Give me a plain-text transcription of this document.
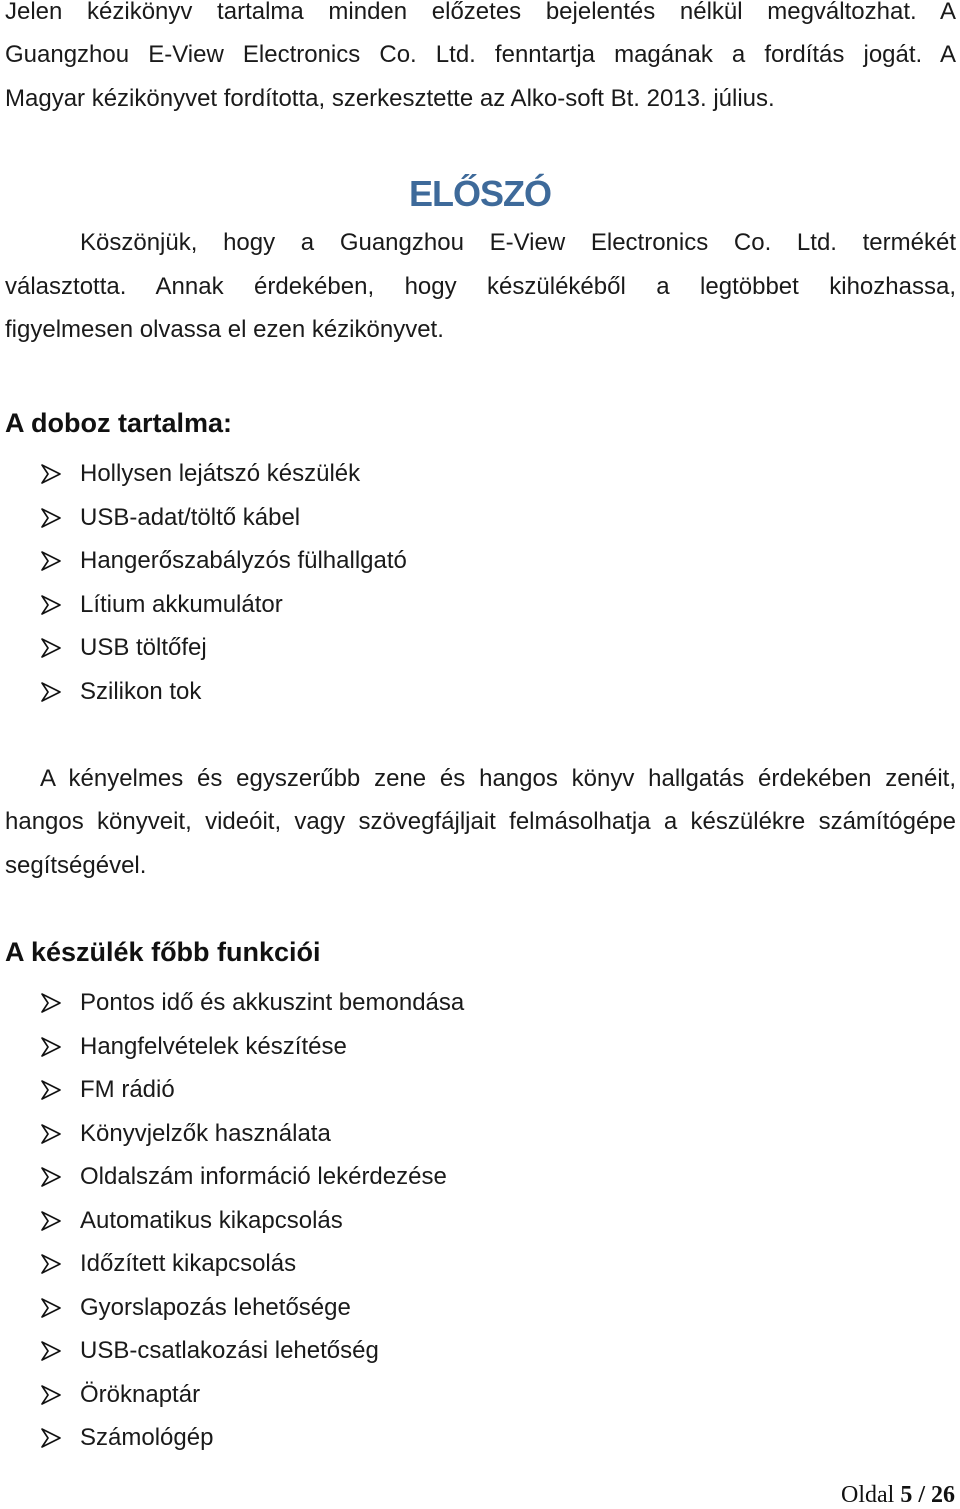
Jelen kézikönyv tartalma minden előzetes bejelentés nélkül megváltozhat. A
Guangzhou E-View Electronics Co. Ltd. fenntartja magának a fordítás jogát. A
Magyar kézikönyvet fordította, szerkesztette az Alko-soft Bt. 2013. július.
ELŐSZÓ
Köszönjük, hogy a Guangzhou E-View Electronics Co. Ltd. termékét
választotta. Annak érdekében, hogy készülékéből a legtöbbet kihozhassa,
figyelmesen olvassa el ezen kézikönyvet.
A doboz tartalma:
Hollysen lejátszó készülék
USB-adat/töltő kábel
Hangerőszabályzós fülhallgató
Lítium akkumulátor
USB töltőfej
Szilikon tok
A kényelmes és egyszerűbb zene és hangos könyv hallgatás érdekében zenéit,
hangos könyveit, videóit, vagy szövegfájljait felmásolhatja a készülékre számítógépe
segítségével.
A készülék főbb funkciói
Pontos idő és akkuszint bemondása
Hangfelvételek készítése
FM rádió
Könyvjelzők használata
Oldalszám információ lekérdezése
Automatikus kikapcsolás
Időzített kikapcsolás
Gyorslapozás lehetősége
USB-csatlakozási lehetőség
Öröknaptár
Számológép
Oldal 5 / 26
